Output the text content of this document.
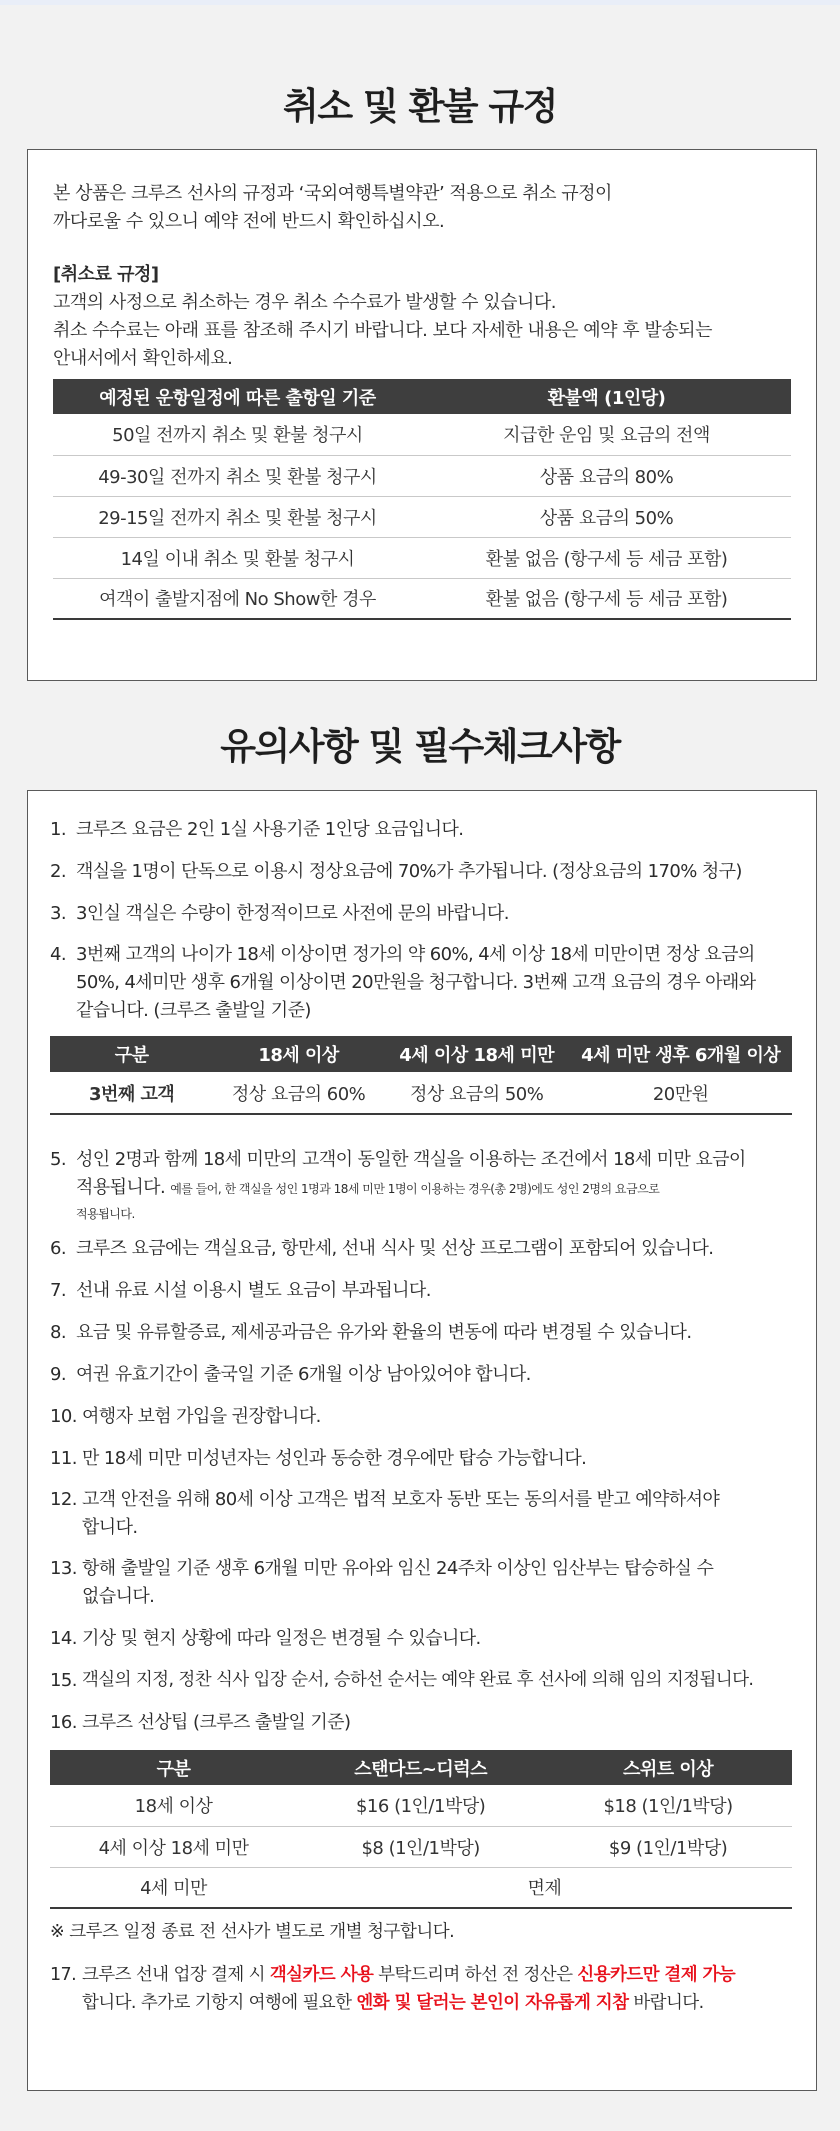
취소 및 환불 규정

본 상품은 크루즈 선사의 규정과 ‘국외여행특별약관’ 적용으로 취소 규정이

까다로울 수 있으니 예약 전에 반드시 확인하십시오.

[취소료 규정]

고객의 사정으로 취소하는 경우 취소 수수료가 발생할 수 있습니다.

취소 수수료는 아래 표를 참조해 주시기 바랍니다. 보다 자세한 내용은 예약 후 발송되는

안내서에서 확인하세요.

예정된 운항일정에 따른 출항일 기준	환불액 (1인당)
50일 전까지 취소 및 환불 청구시	지급한 운임 및 요금의 전액
49-30일 전까지 취소 및 환불 청구시	상품 요금의 80%
29-15일 전까지 취소 및 환불 청구시	상품 요금의 50%
14일 이내 취소 및 환불 청구시	환불 없음 (항구세 등 세금 포함)
여객이 출발지점에 No Show한 경우	환불 없음 (항구세 등 세금 포함)
유의사항 및 필수체크사항
1. 크루즈 요금은 2인 1실 사용기준 1인당 요금입니다.
2. 객실을 1명이 단독으로 이용시 정상요금에 70%가 추가됩니다. (정상요금의 170% 청구)
3. 3인실 객실은 수량이 한정적이므로 사전에 문의 바랍니다.
4. 3번째 고객의 나이가 18세 이상이면 정가의 약 60%, 4세 이상 18세 미만이면 정상 요금의
50%, 4세미만 생후 6개월 이상이면 20만원을 청구합니다. 3번째 고객 요금의 경우 아래와
같습니다. (크루즈 출발일 기준)
구분	18세 이상	4세 이상 18세 미만	4세 미만 생후 6개월 이상
3번째 고객	정상 요금의 60%	정상 요금의 50%	20만원
5. 성인 2명과 함께 18세 미만의 고객이 동일한 객실을 이용하는 조건에서 18세 미만 요금이
적용됩니다. 예를 들어, 한 객실을 성인 1명과 18세 미만 1명이 이용하는 경우(총 2명)에도 성인 2명의 요금으로
적용됩니다.
6. 크루즈 요금에는 객실요금, 항만세, 선내 식사 및 선상 프로그램이 포함되어 있습니다.
7. 선내 유료 시설 이용시 별도 요금이 부과됩니다.
8. 요금 및 유류할증료, 제세공과금은 유가와 환율의 변동에 따라 변경될 수 있습니다.
9. 여권 유효기간이 출국일 기준 6개월 이상 남아있어야 합니다.
10. 여행자 보험 가입을 권장합니다.
11. 만 18세 미만 미성년자는 성인과 동승한 경우에만 탑승 가능합니다.
12. 고객 안전을 위해 80세 이상 고객은 법적 보호자 동반 또는 동의서를 받고 예약하셔야
합니다.
13. 항해 출발일 기준 생후 6개월 미만 유아와 임신 24주차 이상인 임산부는 탑승하실 수
없습니다.
14. 기상 및 현지 상황에 따라 일정은 변경될 수 있습니다.
15. 객실의 지정, 정찬 식사 입장 순서, 승하선 순서는 예약 완료 후 선사에 의해 임의 지정됩니다.
16. 크루즈 선상팁 (크루즈 출발일 기준)
구분	스탠다드~디럭스	스위트 이상
18세 이상	$16 (1인/1박당)	$18 (1인/1박당)
4세 이상 18세 미만	$8 (1인/1박당)	$9 (1인/1박당)
4세 미만	면제	
※ 크루즈 일정 종료 전 선사가 별도로 개별 청구합니다.
17. 크루즈 선내 업장 결제 시 객실카드 사용 부탁드리며 하선 전 정산은 신용카드만 결제 가능
합니다. 추가로 기항지 여행에 필요한 엔화 및 달러는 본인이 자유롭게 지참 바랍니다.
